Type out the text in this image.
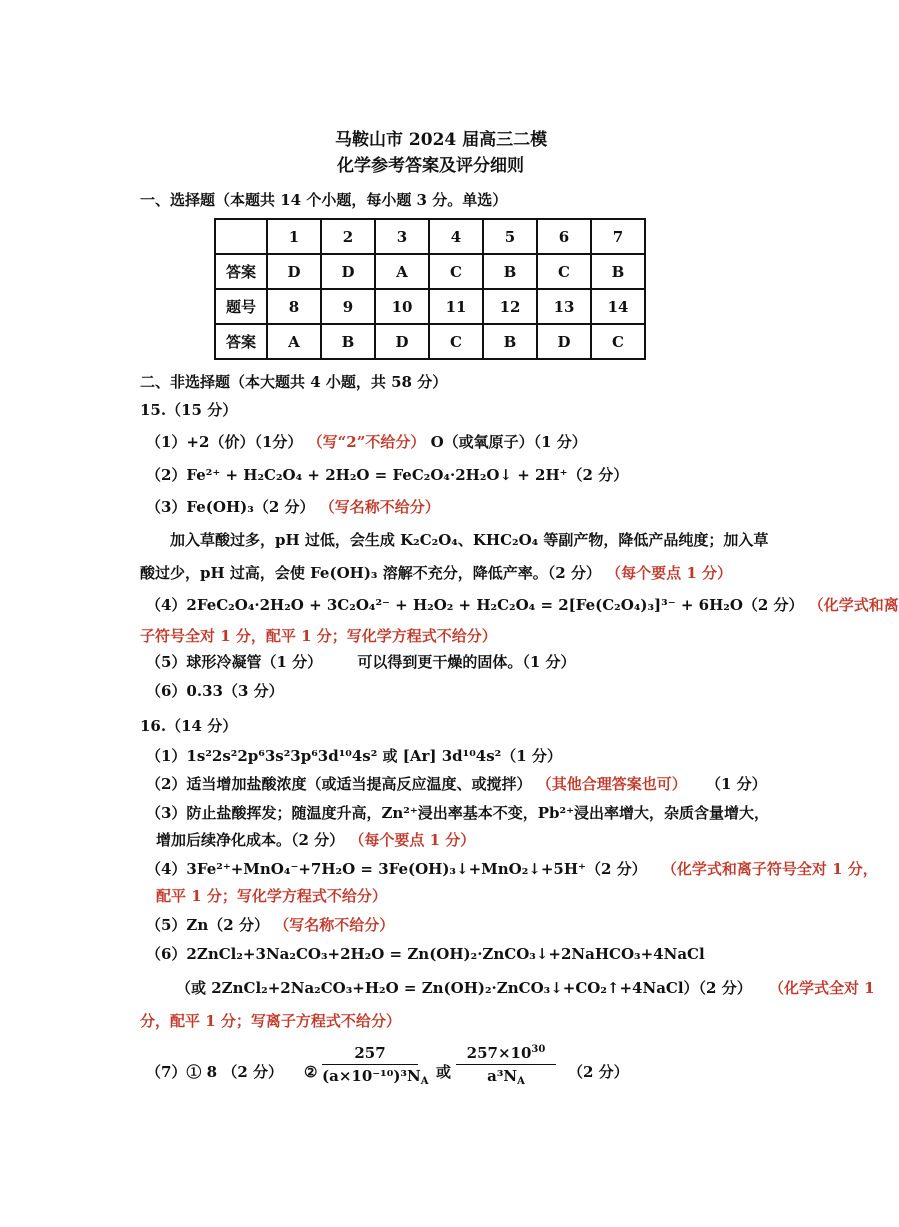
马鞍山市 2024 届高三二模
化学参考答案及评分细则
一、选择题（本题共 14 个小题，每小题 3 分。单选）
	1	2	3	4	5	6	7
答案	D	D	A	C	B	C	B
题号	8	9	10	11	12	13	14
答案	A	B	D	C	B	D	C
二、非选择题（本大题共 4 小题，共 58 分）
15.（15 分）
（1）+2（价）（1分） （写“2”不给分） O（或氧原子）（1 分）
（2）Fe²⁺ + H₂C₂O₄ + 2H₂O = FeC₂O₄·2H₂O↓ + 2H⁺（2 分）
（3）Fe(OH)₃（2 分） （写名称不给分）
加入草酸过多，pH 过低，会生成 K₂C₂O₄、KHC₂O₄ 等副产物，降低产品纯度；加入草
酸过少，pH 过高，会使 Fe(OH)₃ 溶解不充分，降低产率。（2 分） （每个要点 1 分）
（4）2FeC₂O₄·2H₂O + 3C₂O₄²⁻ + H₂O₂ + H₂C₂O₄ = 2[Fe(C₂O₄)₃]³⁻ + 6H₂O（2 分） （化学式和离
子符号全对 1 分，配平 1 分；写化学方程式不给分）
（5）球形冷凝管（1 分） 可以得到更干燥的固体。（1 分）
（6）0.33（3 分）
16.（14 分）
（1）1s²2s²2p⁶3s²3p⁶3d¹⁰4s² 或 [Ar] 3d¹⁰4s²（1 分）
（2）适当增加盐酸浓度（或适当提高反应温度、或搅拌） （其他合理答案也可） （1 分）
（3）防止盐酸挥发；随温度升高，Zn²⁺浸出率基本不变，Pb²⁺浸出率增大，杂质含量增大，
增加后续净化成本。（2 分） （每个要点 1 分）
（4）3Fe²⁺+MnO₄⁻+7H₂O = 3Fe(OH)₃↓+MnO₂↓+5H⁺（2 分） （化学式和离子符号全对 1 分，
配平 1 分；写化学方程式不给分）
（5）Zn（2 分） （写名称不给分）
（6）2ZnCl₂+3Na₂CO₃+2H₂O = Zn(OH)₂·ZnCO₃↓+2NaHCO₃+4NaCl
（或 2ZnCl₂+2Na₂CO₃+H₂O = Zn(OH)₂·ZnCO₃↓+CO₂↑+4NaCl）（2 分） （化学式全对 1
分，配平 1 分；写离子方程式不给分）
（7）① 8 （2 分） ② $\frac{257}{(a\times 10^{-10})^3N_A}$ 或 $\frac{257\times 10^{30}}{a^3N_A} (2$ 分）
